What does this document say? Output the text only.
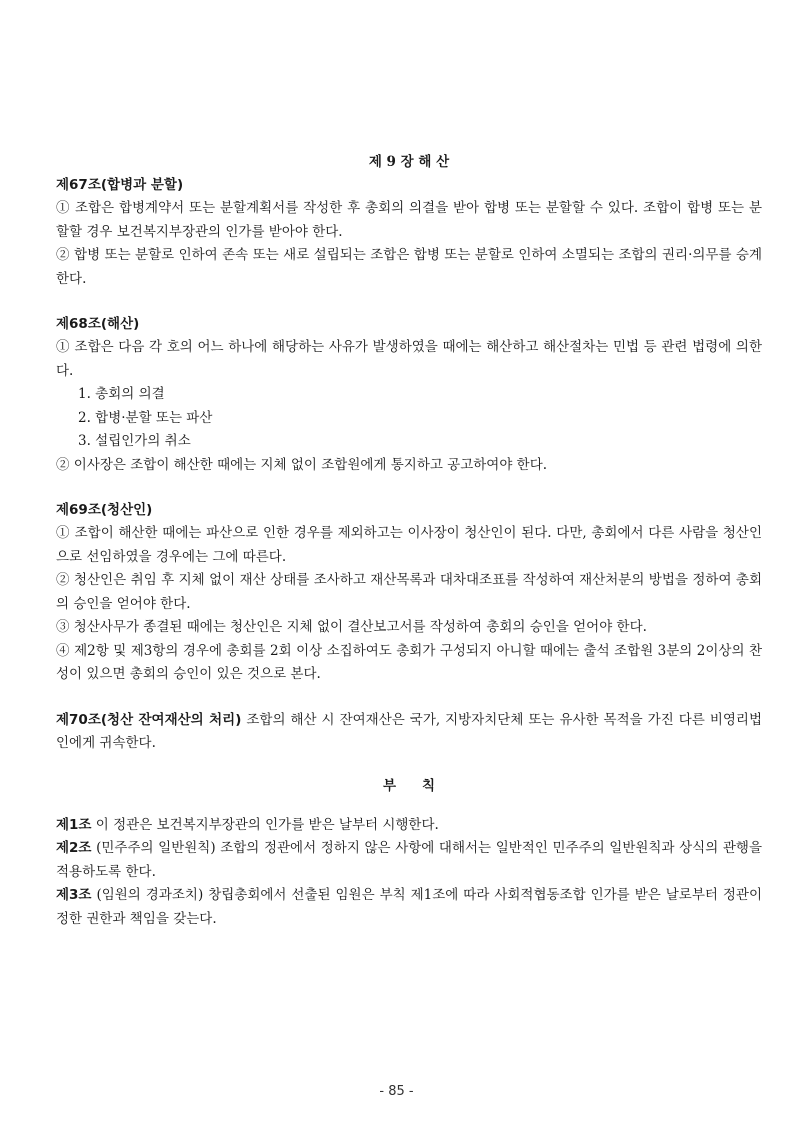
제 9 장 해 산
제67조(합병과 분할)
① 조합은 합병계약서 또는 분할계획서를 작성한 후 총회의 의결을 받아 합병 또는 분할할 수 있다. 조합이 합병 또는 분할할 경우 보건복지부장관의 인가를 받아야 한다.
② 합병 또는 분할로 인하여 존속 또는 새로 설립되는 조합은 합병 또는 분할로 인하여 소멸되는 조합의 권리·의무를 승계한다.
제68조(해산)
① 조합은 다음 각 호의 어느 하나에 해당하는 사유가 발생하였을 때에는 해산하고 해산절차는 민법 등 관련 법령에 의한다.
1. 총회의 의결
2. 합병·분할 또는 파산
3. 설립인가의 취소
② 이사장은 조합이 해산한 때에는 지체 없이 조합원에게 통지하고 공고하여야 한다.
제69조(청산인)
① 조합이 해산한 때에는 파산으로 인한 경우를 제외하고는 이사장이 청산인이 된다. 다만, 총회에서 다른 사람을 청산인으로 선임하였을 경우에는 그에 따른다.
② 청산인은 취임 후 지체 없이 재산 상태를 조사하고 재산목록과 대차대조표를 작성하여 재산처분의 방법을 정하여 총회의 승인을 얻어야 한다.
③ 청산사무가 종결된 때에는 청산인은 지체 없이 결산보고서를 작성하여 총회의 승인을 얻어야 한다.
④ 제2항 및 제3항의 경우에 총회를 2회 이상 소집하여도 총회가 구성되지 아니할 때에는 출석 조합원 3분의 2이상의 찬성이 있으면 총회의 승인이 있은 것으로 본다.
제70조(청산 잔여재산의 처리) 조합의 해산 시 잔여재산은 국가, 지방자치단체 또는 유사한 목적을 가진 다른 비영리법인에게 귀속한다.
부칙
제1조 이 정관은 보건복지부장관의 인가를 받은 날부터 시행한다.
제2조 (민주주의 일반원칙) 조합의 정관에서 정하지 않은 사항에 대해서는 일반적인 민주주의 일반원칙과 상식의 관행을 적용하도록 한다.
제3조 (임원의 경과조치) 창립총회에서 선출된 임원은 부칙 제1조에 따라 사회적협동조합 인가를 받은 날로부터 정관이 정한 권한과 책임을 갖는다.
- 85 -
